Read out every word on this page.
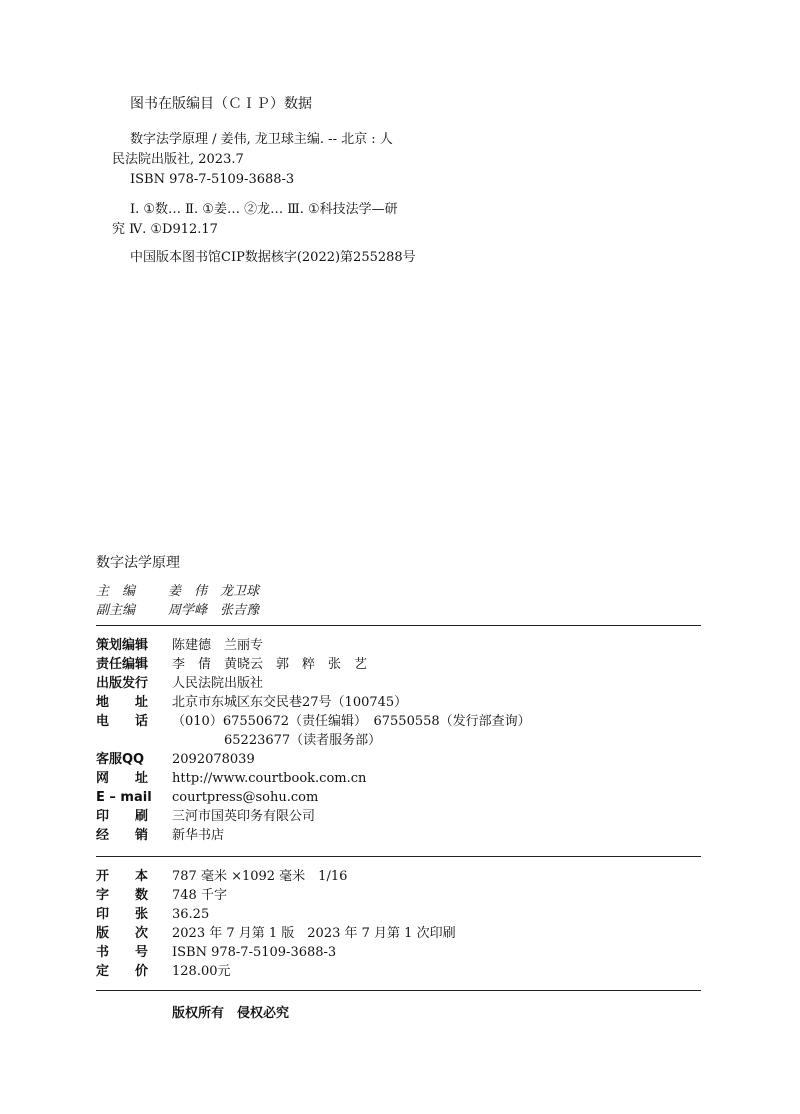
图书在版编目（ＣＩＰ）数据
数字法学原理 / 姜伟, 龙卫球主编. -- 北京 : 人
民法院出版社, 2023.7
ISBN 978-7-5109-3688-3
Ⅰ. ①数… Ⅱ. ①姜… ②龙… Ⅲ. ①科技法学—研
究 Ⅳ. ①D912.17
中国版本图书馆CIP数据核字(2022)第255288号
数字法学原理
主　编	姜　伟　龙卫球
副主编	周学峰　张吉豫
策划编辑	陈建德　兰丽专
责任编辑	李　倩　黄晓云　郭　粹　张　艺
出版发行	人民法院出版社
地　　址	北京市东城区东交民巷27号（100745）
电　　话	（010）67550672（责任编辑）　67550558（发行部查询）
　　　　65223677（读者服务部）
客服QQ	2092078039
网　　址	http://www.courtbook.com.cn
E – mail	courtpress@sohu.com
印　　刷	三河市国英印务有限公司
经　　销	新华书店
开　　本	787 毫米 ×1092 毫米　1/16
字　　数	748 千字
印　　张	36.25
版　　次	2023 年 7 月第 1 版　2023 年 7 月第 1 次印刷
书　　号	ISBN 978-7-5109-3688-3
定　　价	128.00元
版权所有　侵权必究
